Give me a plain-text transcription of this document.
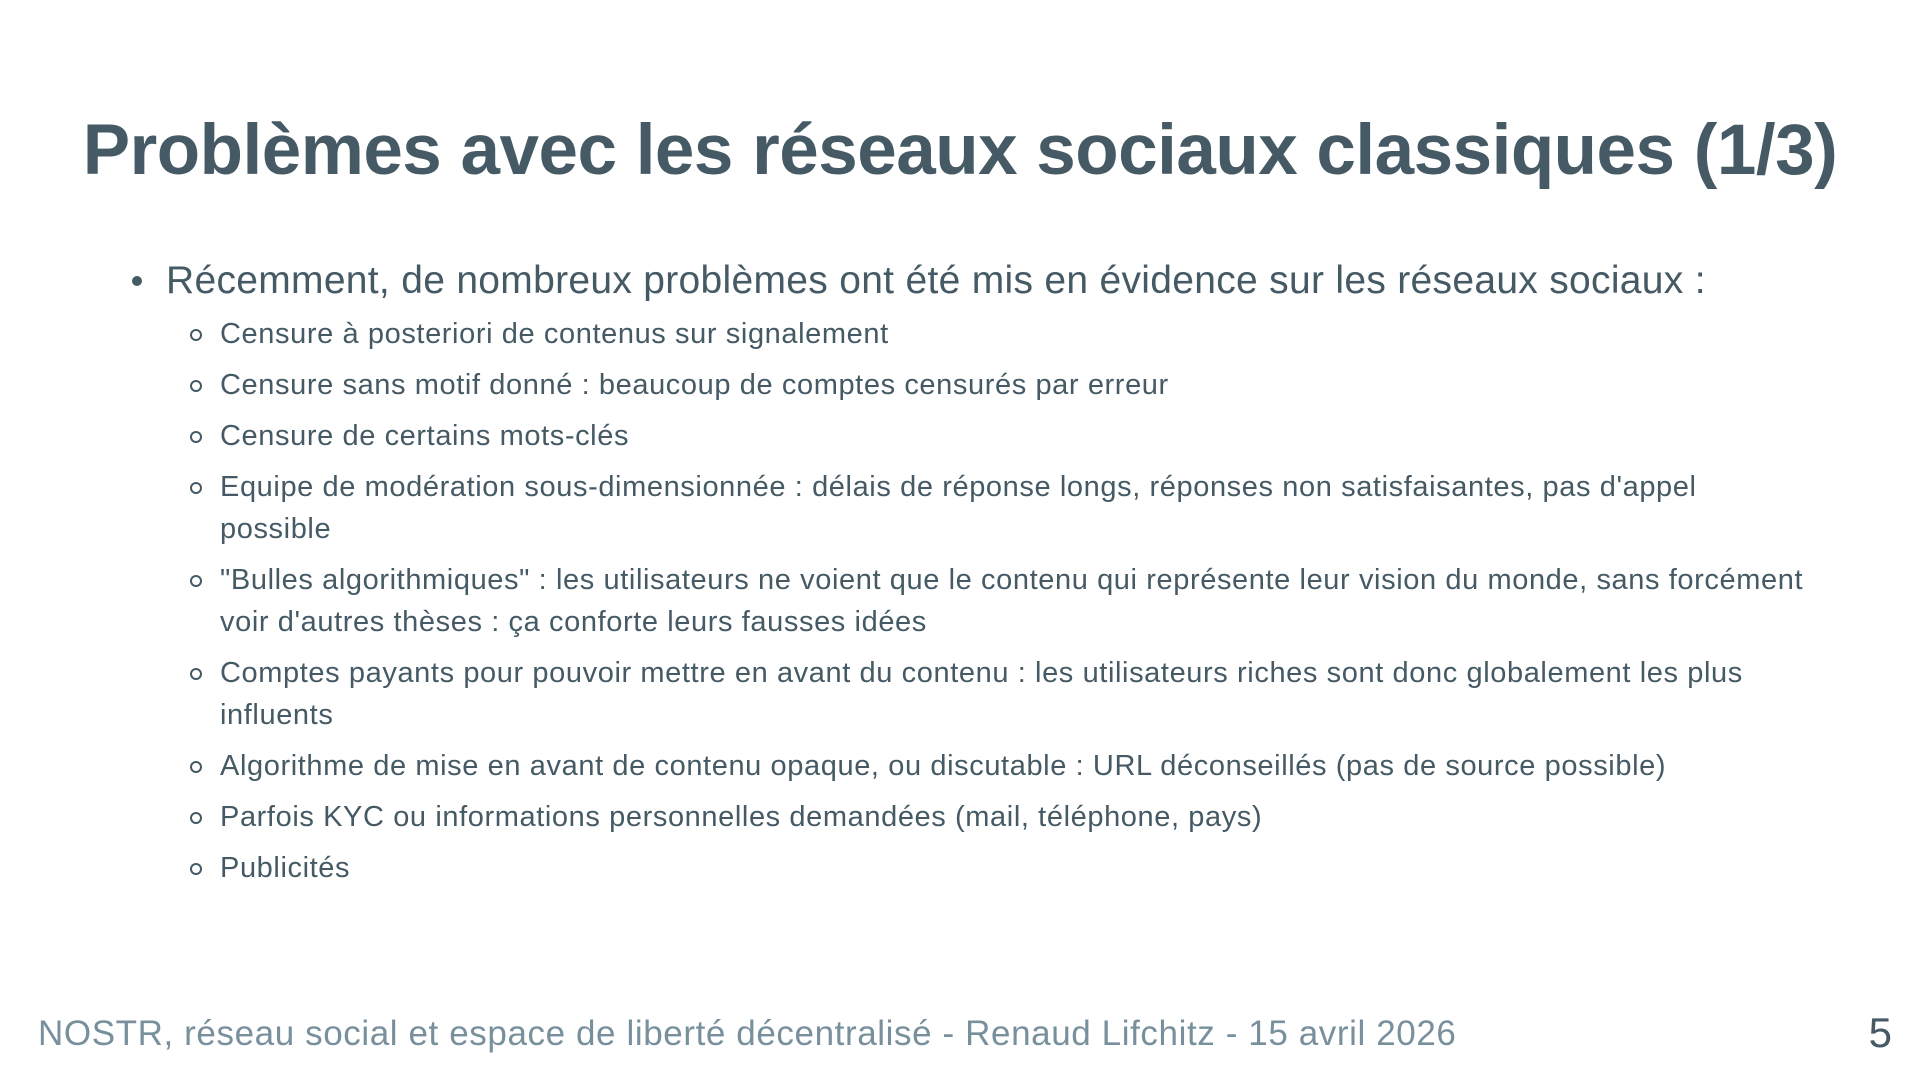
Problèmes avec les réseaux sociaux classiques (1/3)
Récemment, de nombreux problèmes ont été mis en évidence sur les réseaux sociaux :
Censure à posteriori de contenus sur signalement
Censure sans motif donné : beaucoup de comptes censurés par erreur
Censure de certains mots-clés
Equipe de modération sous-dimensionnée : délais de réponse longs, réponses non satisfaisantes, pas d'appel possible
"Bulles algorithmiques" : les utilisateurs ne voient que le contenu qui représente leur vision du monde, sans forcément voir d'autres thèses : ça conforte leurs fausses idées
Comptes payants pour pouvoir mettre en avant du contenu : les utilisateurs riches sont donc globalement les plus influents
Algorithme de mise en avant de contenu opaque, ou discutable : URL déconseillés (pas de source possible)
Parfois KYC ou informations personnelles demandées (mail, téléphone, pays)
Publicités
NOSTR, réseau social et espace de liberté décentralisé - Renaud Lifchitz - 15 avril 2026	5
